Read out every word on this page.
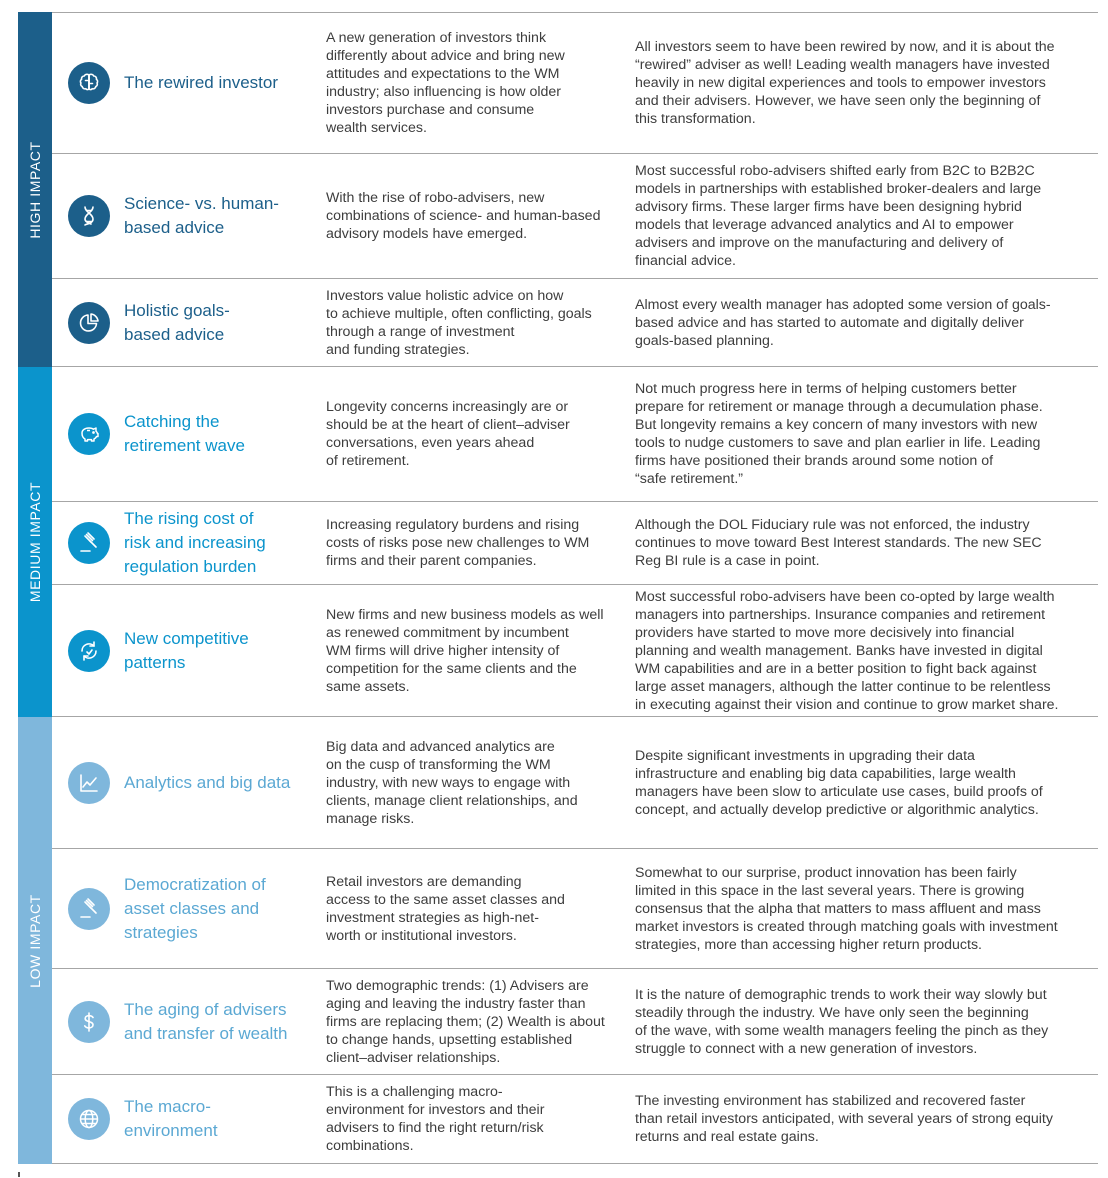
HIGH IMPACT
MEDIUM IMPACT
LOW IMPACT
The rewired investor
A new generation of investors think
differently about advice and bring new
attitudes and expectations to the WM
industry; also influencing is how older
investors purchase and consume
wealth services.
All investors seem to have been rewired by now, and it is about the
“rewired” adviser as well! Leading wealth managers have invested
heavily in new digital experiences and tools to empower investors
and their advisers. However, we have seen only the beginning of
this transformation.
Science- vs. human-
based advice
With the rise of robo-advisers, new
combinations of science- and human-based
advisory models have emerged.
Most successful robo-advisers shifted early from B2C to B2B2C
models in partnerships with established broker-dealers and large
advisory firms. These larger firms have been designing hybrid
models that leverage advanced analytics and AI to empower
advisers and improve on the manufacturing and delivery of
financial advice.
Holistic goals-
based advice
Investors value holistic advice on how
to achieve multiple, often conflicting, goals
through a range of investment
and funding strategies.
Almost every wealth manager has adopted some version of goals-
based advice and has started to automate and digitally deliver
goals-based planning.
Catching the
retirement wave
Longevity concerns increasingly are or
should be at the heart of client–adviser
conversations, even years ahead
of retirement.
Not much progress here in terms of helping customers better
prepare for retirement or manage through a decumulation phase.
But longevity remains a key concern of many investors with new
tools to nudge customers to save and plan earlier in life. Leading
firms have positioned their brands around some notion of
“safe retirement.”
The rising cost of
risk and increasing
regulation burden
Increasing regulatory burdens and rising
costs of risks pose new challenges to WM
firms and their parent companies.
Although the DOL Fiduciary rule was not enforced, the industry
continues to move toward Best Interest standards. The new SEC
Reg BI rule is a case in point.
New competitive
patterns
New firms and new business models as well
as renewed commitment by incumbent
WM firms will drive higher intensity of
competition for the same clients and the
same assets.
Most successful robo-advisers have been co-opted by large wealth
managers into partnerships. Insurance companies and retirement
providers have started to move more decisively into financial
planning and wealth management. Banks have invested in digital
WM capabilities and are in a better position to fight back against
large asset managers, although the latter continue to be relentless
in executing against their vision and continue to grow market share.
Analytics and big data
Big data and advanced analytics are
on the cusp of transforming the WM
industry, with new ways to engage with
clients, manage client relationships, and
manage risks.
Despite significant investments in upgrading their data
infrastructure and enabling big data capabilities, large wealth
managers have been slow to articulate use cases, build proofs of
concept, and actually develop predictive or algorithmic analytics.
Democratization of
asset classes and
strategies
Retail investors are demanding
access to the same asset classes and
investment strategies as high-net-
worth or institutional investors.
Somewhat to our surprise, product innovation has been fairly
limited in this space in the last several years. There is growing
consensus that the alpha that matters to mass affluent and mass
market investors is created through matching goals with investment
strategies, more than accessing higher return products.
The aging of advisers
and transfer of wealth
Two demographic trends: (1) Advisers are
aging and leaving the industry faster than
firms are replacing them; (2) Wealth is about
to change hands, upsetting established
client–adviser relationships.
It is the nature of demographic trends to work their way slowly but
steadily through the industry. We have only seen the beginning
of the wave, with some wealth managers feeling the pinch as they
struggle to connect with a new generation of investors.
The macro-
environment
This is a challenging macro-
environment for investors and their
advisers to find the right return/risk
combinations.
The investing environment has stabilized and recovered faster
than retail investors anticipated, with several years of strong equity
returns and real estate gains.
